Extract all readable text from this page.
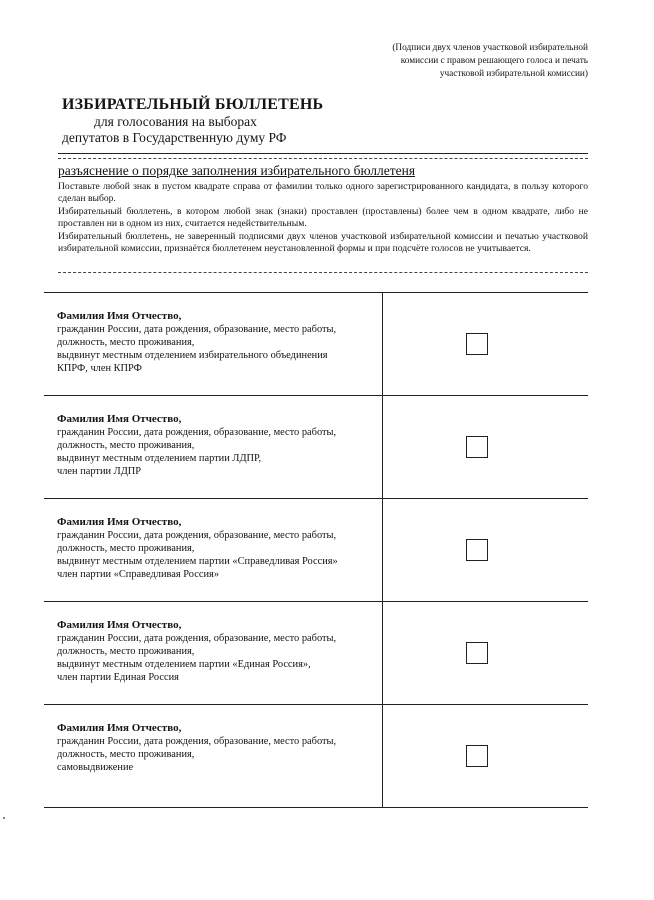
(Подписи двух членов участковой избирательной
комиссии с правом решающего голоса и печать
участковой избирательной комиссии)
ИЗБИРАТЕЛЬНЫЙ БЮЛЛЕТЕНЬ
для голосования на выборах
депутатов в Государственную думу РФ
разъяснение о порядке заполнения избирательного бюллетеня

Поставьте любой знак в пустом квадрате справа от фамилии только одного зарегистрированного кандидата, в пользу которого сделан выбор.

Избирательный бюллетень, в котором любой знак (знаки) проставлен (проставлены) более чем в одном квадрате, либо не проставлен ни в одном из них, считается недействительным.

Избирательный бюллетень, не заверенный подписями двух членов участковой избирательной комиссии и печатью участковой избирательной комиссии, признаётся бюллетенем неустановленной формы и при подсчёте голосов не учитывается.

Фамилия Имя Отчество,
гражданин России, дата рождения, образование, место работы,
должность, место проживания,
выдвинут местным отделением избирательного объединения
КПРФ, член КПРФ
Фамилия Имя Отчество,
гражданин России, дата рождения, образование, место работы,
должность, место проживания,
выдвинут местным отделением партии ЛДПР,
член партии ЛДПР
Фамилия Имя Отчество,
гражданин России, дата рождения, образование, место работы,
должность, место проживания,
выдвинут местным отделением партии «Справедливая Россия»
член партии «Справедливая Россия»
Фамилия Имя Отчество,
гражданин России, дата рождения, образование, место работы,
должность, место проживания,
выдвинут местным отделением партии «Единая Россия»,
член партии Единая Россия
Фамилия Имя Отчество,
гражданин России, дата рождения, образование, место работы,
должность, место проживания,
самовыдвижение
